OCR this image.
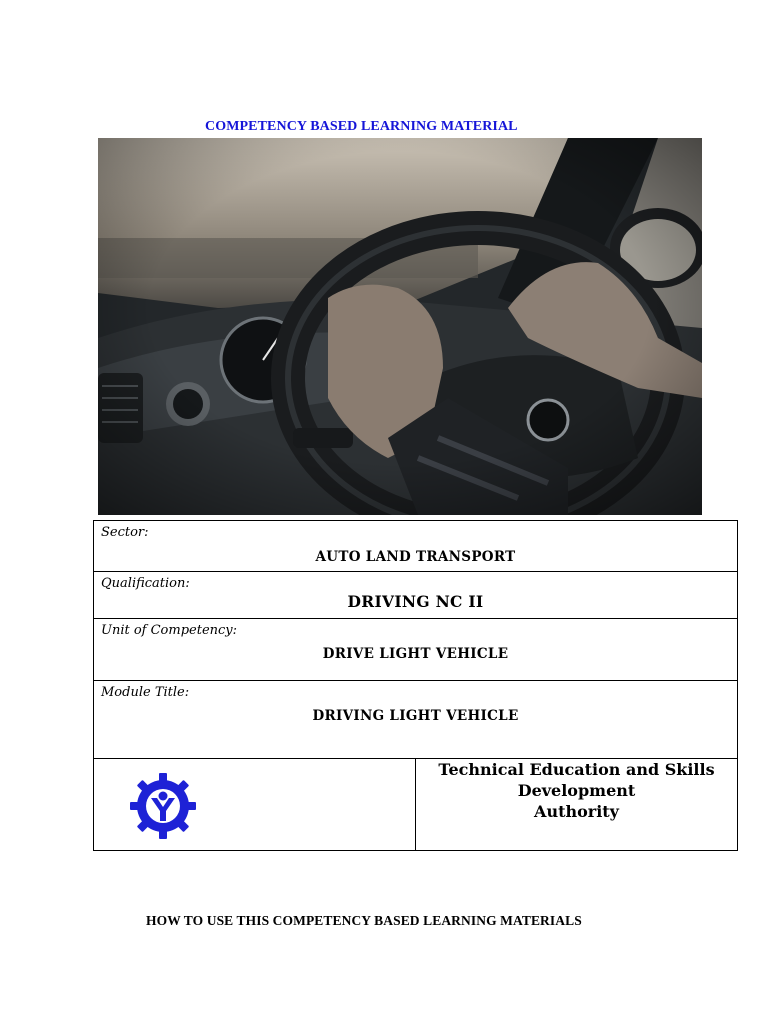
COMPETENCY BASED LEARNING MATERIAL
Sector:
AUTO LAND TRANSPORT

Qualification:
DRIVING NC II

Unit of Competency:
DRIVE LIGHT VEHICLE

Module Title:
DRIVING LIGHT VEHICLE

Technical Education and Skills Development
Authority
HOW TO USE THIS COMPETENCY BASED LEARNING MATERIALS
